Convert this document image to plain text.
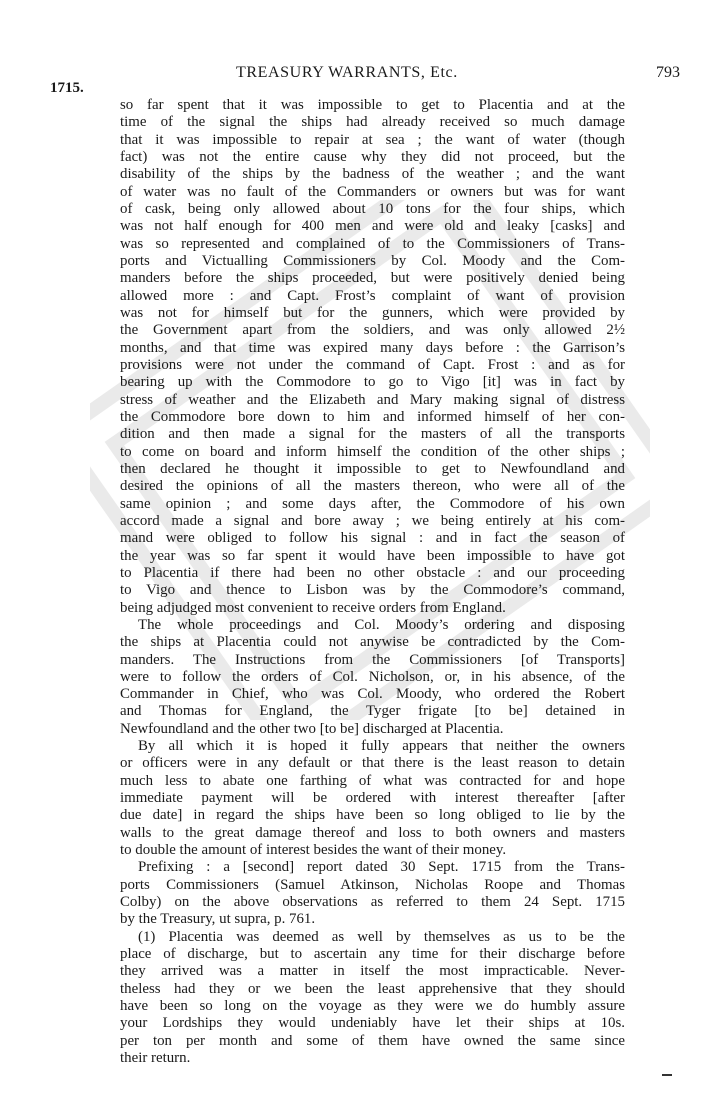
1715.
TREASURY WARRANTS, Etc.	793
so far spent that it was impossible to get to Placentia and at the
time of the signal the ships had already received so much damage
that it was impossible to repair at sea ; the want of water (though
fact) was not the entire cause why they did not proceed, but the
disability of the ships by the badness of the weather ; and the want
of water was no fault of the Commanders or owners but was for want
of cask, being only allowed about 10 tons for the four ships, which
was not half enough for 400 men and were old and leaky [casks] and
was so represented and complained of to the Commissioners of Trans-
ports and Victualling Commissioners by Col. Moody and the Com-
manders before the ships proceeded, but were positively denied being
allowed more : and Capt. Frost’s complaint of want of provision
was not for himself but for the gunners, which were provided by
the Government apart from the soldiers, and was only allowed 2½
months, and that time was expired many days before : the Garrison’s
provisions were not under the command of Capt. Frost : and as for
bearing up with the Commodore to go to Vigo [it] was in fact by
stress of weather and the Elizabeth and Mary making signal of distress
the Commodore bore down to him and informed himself of her con-
dition and then made a signal for the masters of all the transports
to come on board and inform himself the condition of the other ships ;
then declared he thought it impossible to get to Newfoundland and
desired the opinions of all the masters thereon, who were all of the
same opinion ; and some days after, the Commodore of his own
accord made a signal and bore away ; we being entirely at his com-
mand were obliged to follow his signal : and in fact the season of
the year was so far spent it would have been impossible to have got
to Placentia if there had been no other obstacle : and our proceeding
to Vigo and thence to Lisbon was by the Commodore’s command,
being adjudged most convenient to receive orders from England.
The whole proceedings and Col. Moody’s ordering and disposing
the ships at Placentia could not anywise be contradicted by the Com-
manders. The Instructions from the Commissioners [of Transports]
were to follow the orders of Col. Nicholson, or, in his absence, of the
Commander in Chief, who was Col. Moody, who ordered the Robert
and Thomas for England, the Tyger frigate [to be] detained in
Newfoundland and the other two [to be] discharged at Placentia.
By all which it is hoped it fully appears that neither the owners
or officers were in any default or that there is the least reason to detain
much less to abate one farthing of what was contracted for and hope
immediate payment will be ordered with interest thereafter [after
due date] in regard the ships have been so long obliged to lie by the
walls to the great damage thereof and loss to both owners and masters
to double the amount of interest besides the want of their money.
Prefixing : a [second] report dated 30 Sept. 1715 from the Trans-
ports Commissioners (Samuel Atkinson, Nicholas Roope and Thomas
Colby) on the above observations as referred to them 24 Sept. 1715
by the Treasury, ut supra, p. 761.
(1) Placentia was deemed as well by themselves as us to be the
place of discharge, but to ascertain any time for their discharge before
they arrived was a matter in itself the most impracticable. Never-
theless had they or we been the least apprehensive that they should
have been so long on the voyage as they were we do humbly assure
your Lordships they would undeniably have let their ships at 10s.
per ton per month and some of them have owned the same since
their return.
